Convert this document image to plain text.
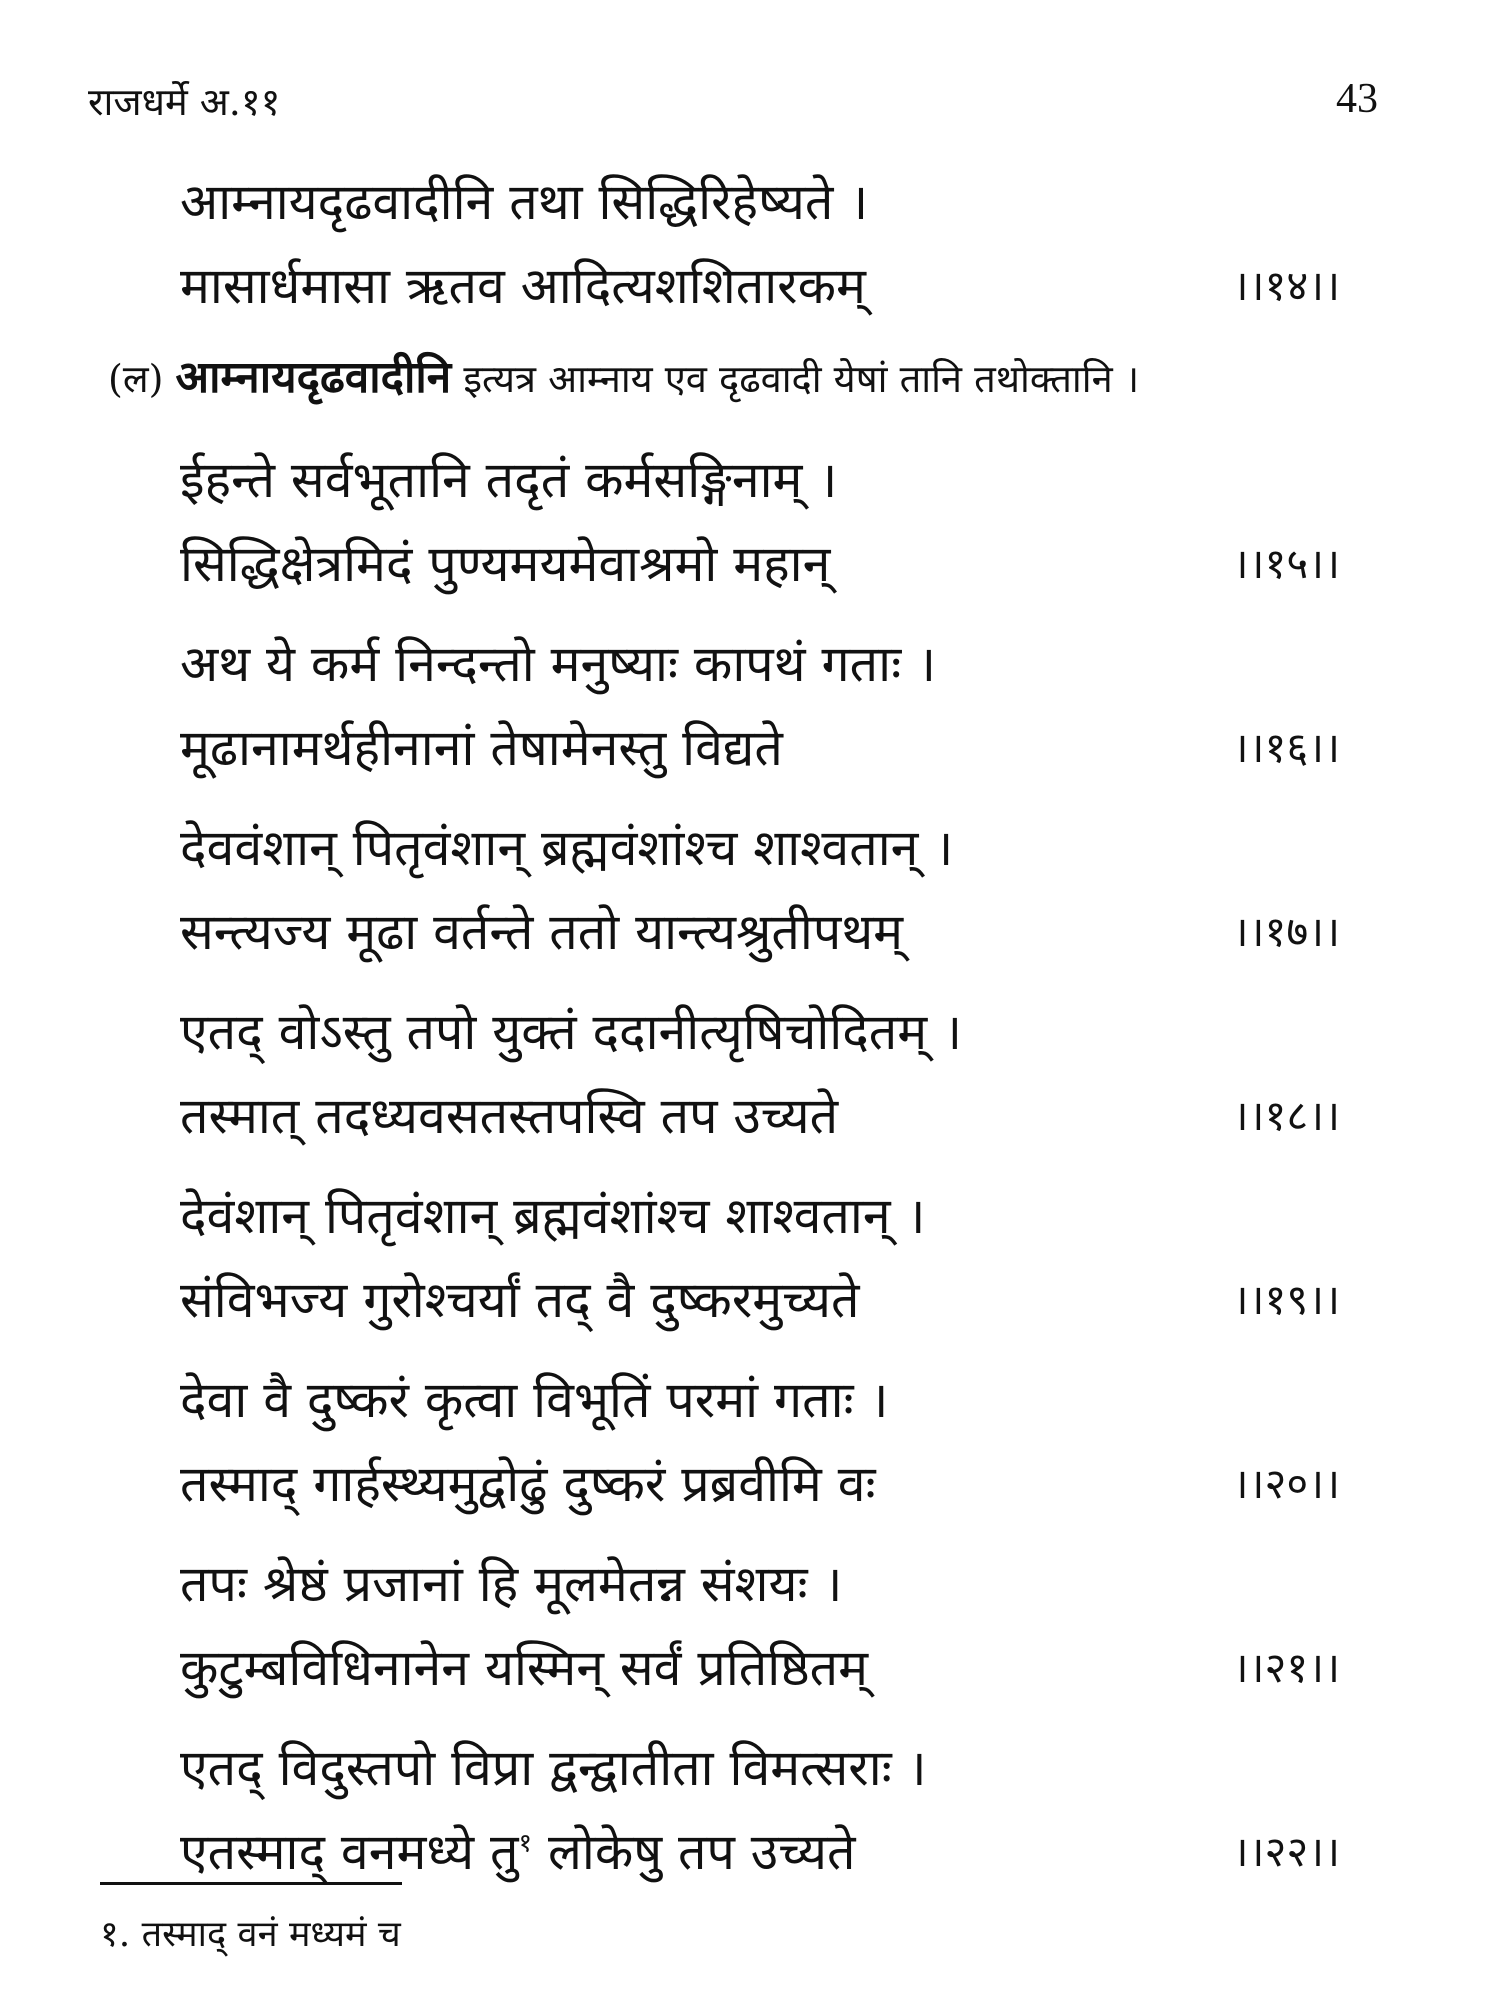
राजधर्मे अ.११	43
आम्नायदृढवादीनि तथा सिद्धिरिहेष्यते ।
मासार्धमासा ऋतव आदित्यशशितारकम्	।।१४।।
(ल) आम्नायदृढवादीनि इत्यत्र आम्नाय एव दृढवादी येषां तानि तथोक्तानि ।
ईहन्ते सर्वभूतानि तदृतं कर्मसङ्गिनाम् ।
सिद्धिक्षेत्रमिदं पुण्यमयमेवाश्रमो महान्	।।१५।।
अथ ये कर्म निन्दन्तो मनुष्याः कापथं गताः ।
मूढानामर्थहीनानां तेषामेनस्तु विद्यते	।।१६।।
देववंशान् पितृवंशान् ब्रह्मवंशांश्च शाश्वतान् ।
सन्त्यज्य मूढा वर्तन्ते ततो यान्त्यश्रुतीपथम्	।।१७।।
एतद् वोऽस्तु तपो युक्तं ददानीत्यृषिचोदितम् ।
तस्मात् तदध्यवसतस्तपस्वि तप उच्यते	।।१८।।
देवंशान् पितृवंशान् ब्रह्मवंशांश्च शाश्वतान् ।
संविभज्य गुरोश्चर्यां तद् वै दुष्करमुच्यते	।।१९।।
देवा वै दुष्करं कृत्वा विभूतिं परमां गताः ।
तस्माद् गार्हस्थ्यमुद्वोढुं दुष्करं प्रब्रवीमि वः	।।२०।।
तपः श्रेष्ठं प्रजानां हि मूलमेतन्न संशयः ।
कुटुम्बविधिनानेन यस्मिन् सर्वं प्रतिष्ठितम्	।।२१।।
एतद् विदुस्तपो विप्रा द्वन्द्वातीता विमत्सराः ।
एतस्माद् वनमध्ये तु$^१$ लोकेषु तप उच्यते	।।२२।।
१. तस्माद् वनं मध्यमं च
